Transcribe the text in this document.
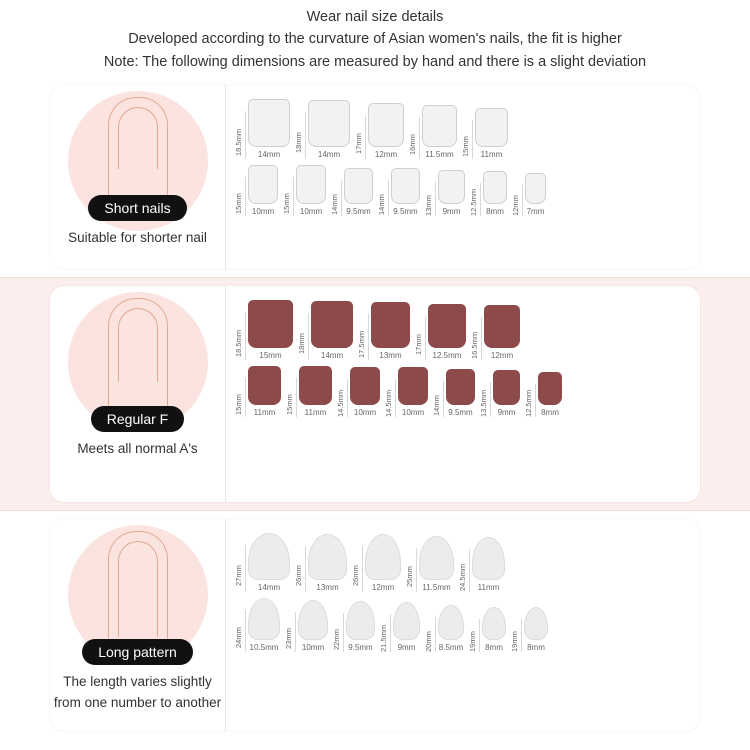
Wear nail size details
Developed according to the curvature of Asian women's nails, the fit is higher
Note: The following dimensions are measured by hand and there is a slight deviation
Short nails
Suitable for shorter nail
18.5mm 14mm
18mm
14mm
17mm
12mm 16mm 11.5mm 15mm 11mm
15mm 10mm 15mm 10mm 14mm 9.5mm 14mm 9.5mm 13mm 9mm 12.5mm 8mm 12mm 7mm
Regular F
Meets all normal A's
18.5mm 15mm
18mm
14mm 17.5mm 13mm
17mm
12.5mm 16.5mm 12mm
15mm 11mm 15mm 11mm 14.5mm 10mm 14.5mm 10mm 14mm 9.5mm 13.5mm 9mm 12.5mm 8mm
Long pattern
The length varies slightly
from one number to another
27mm
14mm
26mm
13mm
26mm
12mm
25mm
11.5mm 24.5mm 11mm
24mm 10.5mm 23mm 10mm 22mm 9.5mm 21.5mm 9mm 20mm 8.5mm 19mm 8mm 19mm 8mm
